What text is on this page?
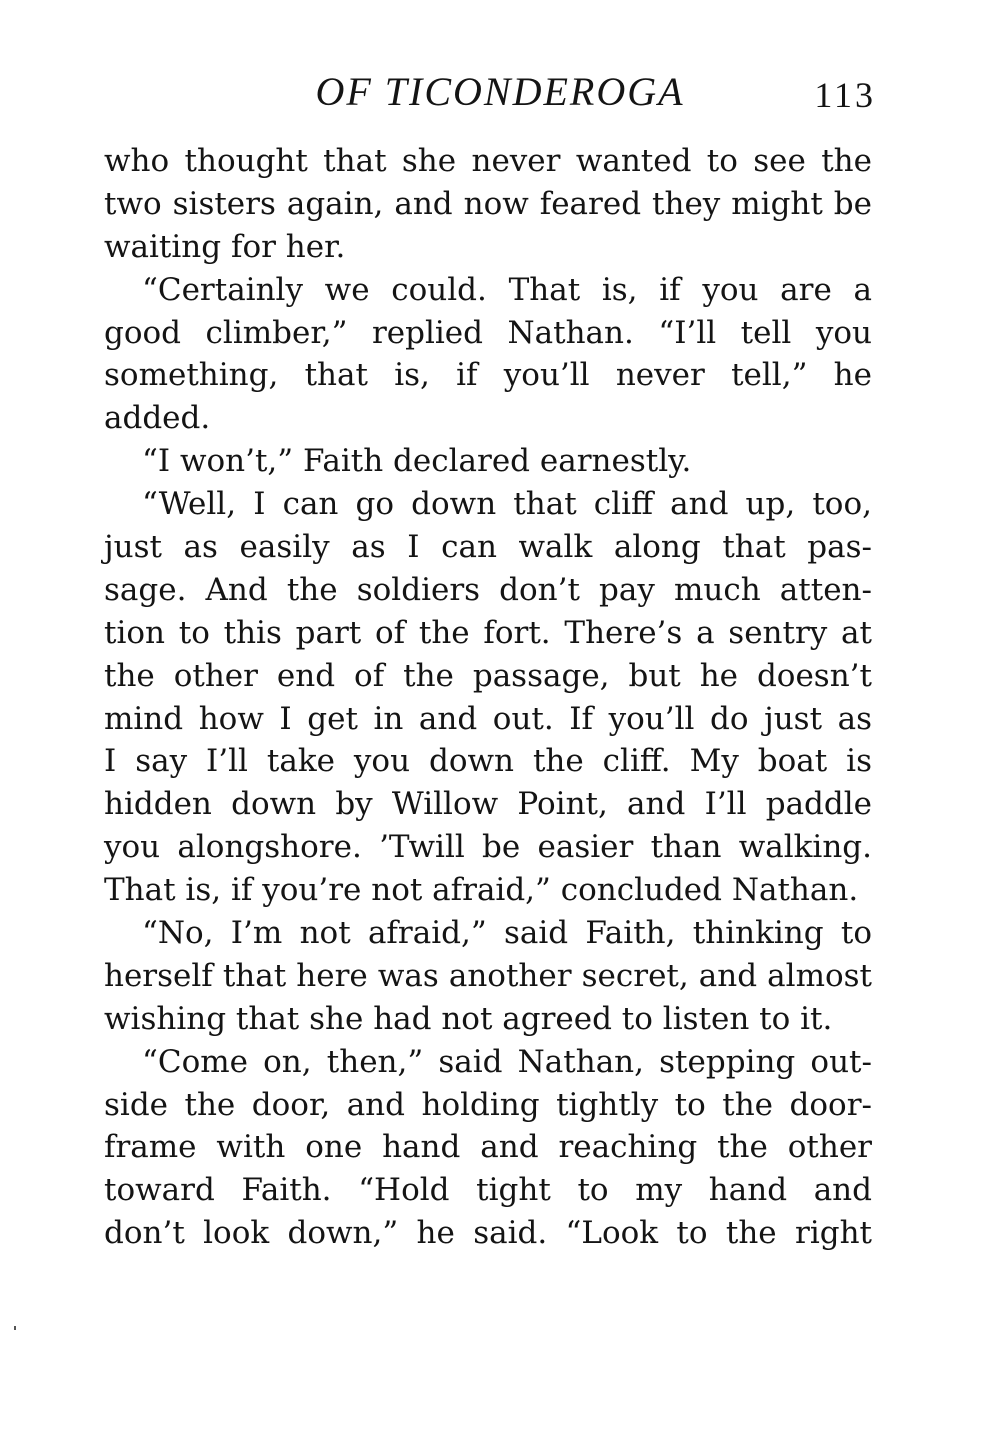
OF TICONDEROGA	113
who thought that she never wanted to see the
two sisters again, and now feared they might be
waiting for her.
“Certainly we could. That is, if you are a
good climber,” replied Nathan. “I’ll tell you
something, that is, if you’ll never tell,” he
added.
“I won’t,” Faith declared earnestly.
“Well, I can go down that cliff and up, too,
just as easily as I can walk along that pas-
sage. And the soldiers don’t pay much atten-
tion to this part of the fort. There’s a sentry at
the other end of the passage, but he doesn’t
mind how I get in and out. If you’ll do just as
I say I’ll take you down the cliff. My boat is
hidden down by Willow Point, and I’ll paddle
you alongshore. ’Twill be easier than walking.
That is, if you’re not afraid,” concluded Nathan.
“No, I’m not afraid,” said Faith, thinking to
herself that here was another secret, and almost
wishing that she had not agreed to listen to it.
“Come on, then,” said Nathan, stepping out-
side the door, and holding tightly to the door-
frame with one hand and reaching the other
toward Faith. “Hold tight to my hand and
don’t look down,” he said. “Look to the right
